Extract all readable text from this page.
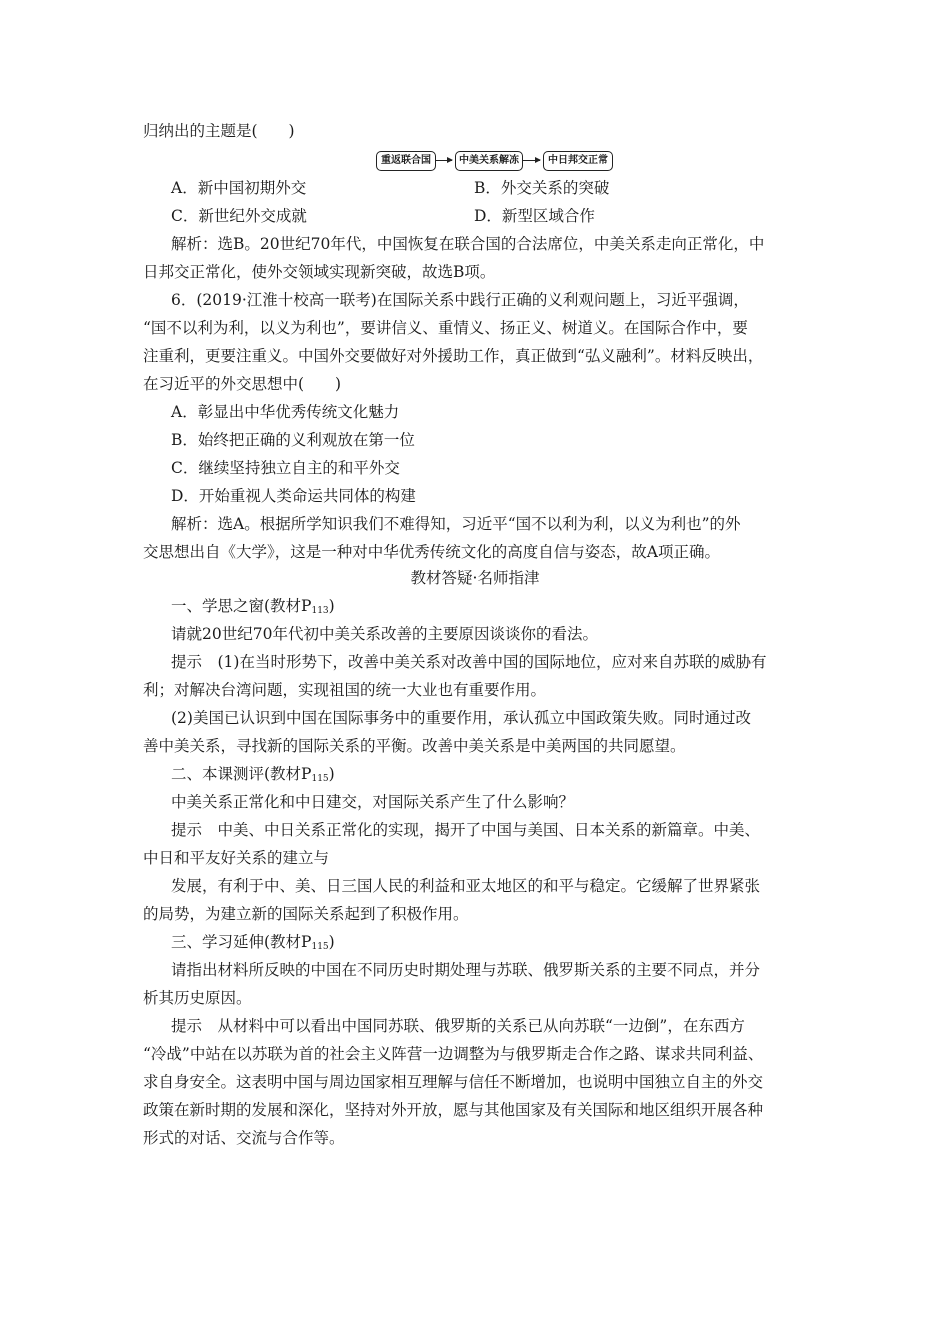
归纳出的主题是(　　)
重返联合国	中美关系解冻	中日邦交正常
A．新中国初期外交	B．外交关系的突破
C．新世纪外交成就	D．新型区域合作
解析：选B。20世纪70年代，中国恢复在联合国的合法席位，中美关系走向正常化，中
日邦交正常化，使外交领域实现新突破，故选B项。
6．(2019·江淮十校高一联考)在国际关系中践行正确的义利观问题上，习近平强调，
“国不以利为利，以义为利也”，要讲信义、重情义、扬正义、树道义。在国际合作中，要
注重利，更要注重义。中国外交要做好对外援助工作，真正做到“弘义融利”。材料反映出，
在习近平的外交思想中(　　)
A．彰显出中华优秀传统文化魅力
B．始终把正确的义利观放在第一位
C．继续坚持独立自主的和平外交
D．开始重视人类命运共同体的构建
解析：选A。根据所学知识我们不难得知，习近平“国不以利为利，以义为利也”的外
交思想出自《大学》，这是一种对中华优秀传统文化的高度自信与姿态，故A项正确。
教材答疑·名师指津
一、学思之窗(教材$P_{113}$)
请就20世纪70年代初中美关系改善的主要原因谈谈你的看法。
提示　(1)在当时形势下，改善中美关系对改善中国的国际地位，应对来自苏联的威胁有
利；对解决台湾问题，实现祖国的统一大业也有重要作用。
(2)美国已认识到中国在国际事务中的重要作用，承认孤立中国政策失败。同时通过改
善中美关系，寻找新的国际关系的平衡。改善中美关系是中美两国的共同愿望。
二、本课测评(教材$P_{115}$)
中美关系正常化和中日建交，对国际关系产生了什么影响？
提示　中美、中日关系正常化的实现，揭开了中国与美国、日本关系的新篇章。中美、
中日和平友好关系的建立与
发展，有利于中、美、日三国人民的利益和亚太地区的和平与稳定。它缓解了世界紧张
的局势，为建立新的国际关系起到了积极作用。
三、学习延伸(教材$P_{115}$)
请指出材料所反映的中国在不同历史时期处理与苏联、俄罗斯关系的主要不同点，并分
析其历史原因。
提示　从材料中可以看出中国同苏联、俄罗斯的关系已从向苏联“一边倒”，在东西方
“冷战”中站在以苏联为首的社会主义阵营一边调整为与俄罗斯走合作之路、谋求共同利益、
求自身安全。这表明中国与周边国家相互理解与信任不断增加，也说明中国独立自主的外交
政策在新时期的发展和深化，坚持对外开放，愿与其他国家及有关国际和地区组织开展各种
形式的对话、交流与合作等。
